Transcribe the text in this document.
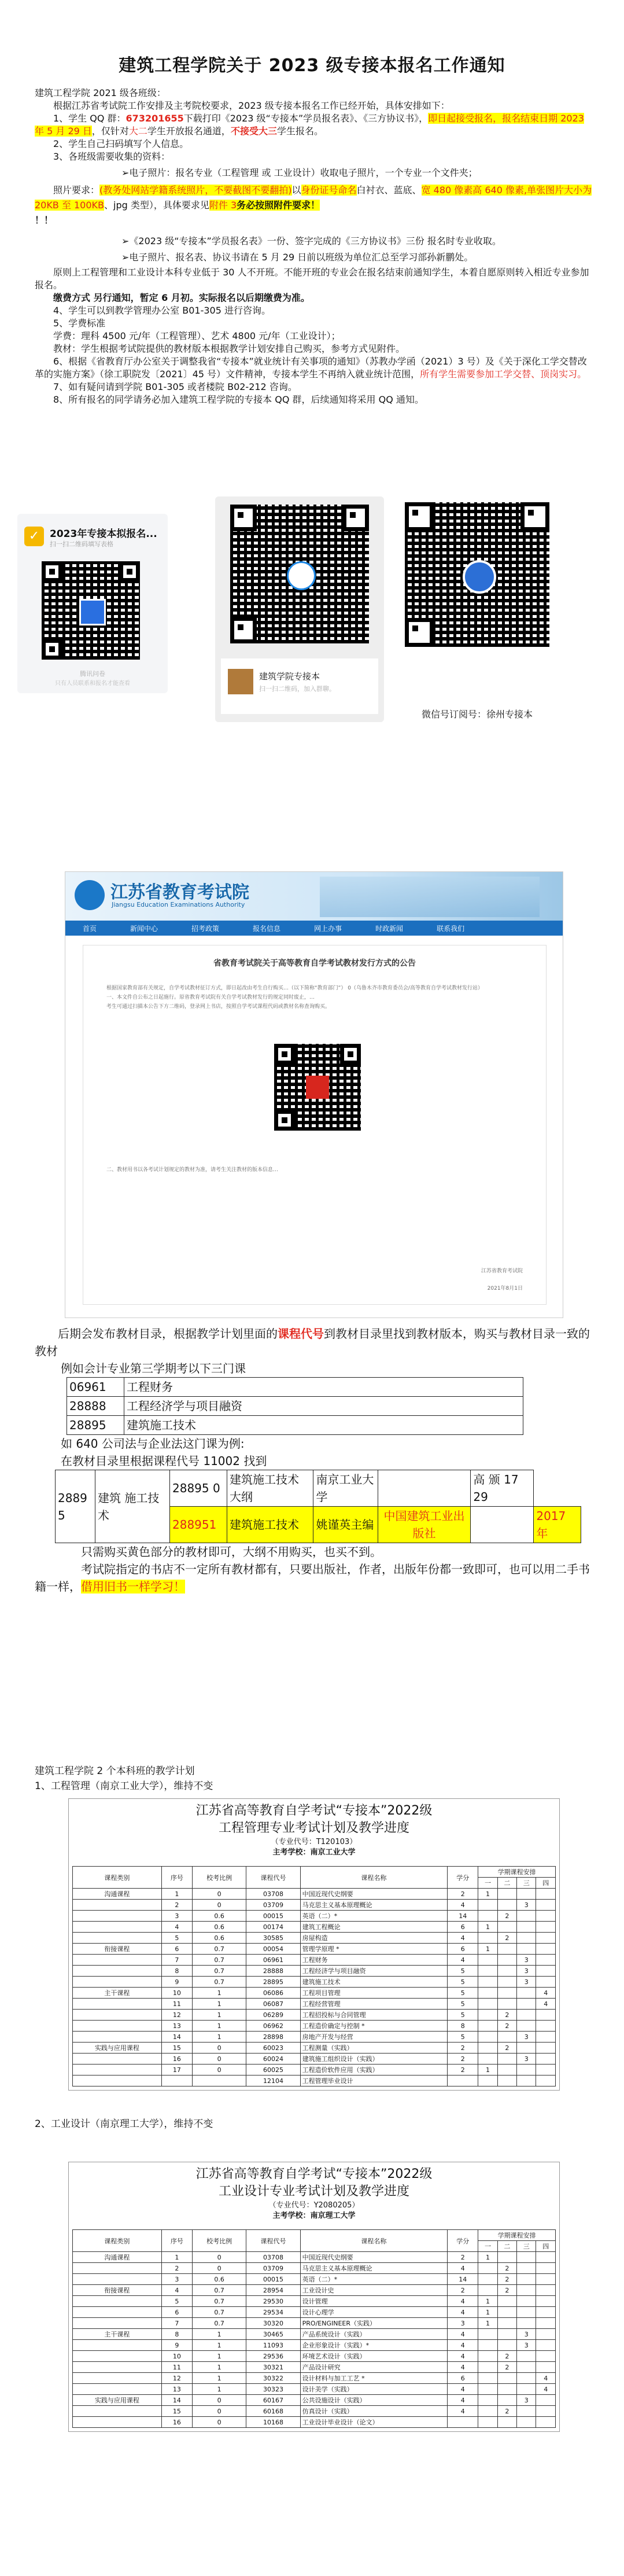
建筑工程学院关于 2023 级专接本报名工作通知
建筑工程学院 2021 级各班级：
根据江苏省考试院工作安排及主考院校要求，2023 级专接本报名工作已经开始，具体安排如下：
1、学生 QQ 群：673201655下载打印《2023 级“专接本”学员报名表》、《三方协议书》，即日起接受报名，报名结束日期 2023 年 5 月 29 日，仅针对大二学生开放报名通道，不接受大三学生报名。
2、学生自己扫码填写个人信息。
3、各班级需要收集的资料：
➢电子照片：报名专业（工程管理 或 工业设计）收取电子照片，一个专业一个文件夹；
照片要求：(教务处网站学籍系统照片，不要截图不要翻拍)以身份证号命名白衬衣、蓝底、宽 480 像素高 640 像素,单张图片大小为 20KB 至 100KB、jpg 类型），具体要求见附件 3务必按照附件要求！
！！
➢《2023 级“专接本”学员报名表》一份、签字完成的《三方协议书》三份 报名时专业收取。
➢电子照片、报名表、协议书请在 5 月 29 日前以班级为单位汇总至学习部孙新鹏处。
原则上工程管理和工业设计本科专业低于 30 人不开班。不能开班的专业会在报名结束前通知学生，本着自愿原则转入相近专业参加报名。
缴费方式 另行通知，暂定 6 月初。实际报名以后期缴费为准。
4、学生可以到教学管理办公室 B01-305 进行咨询。
5、学费标准
学费：理科 4500 元/年（工程管理）、艺术 4800 元/年（工业设计）；
教材：学生根据考试院提供的教材版本根据教学计划安排自己购买，参考方式见附件。
6、根据《省教育厅办公室关于调整我省“专接本”就业统计有关事项的通知》（苏教办学函（2021）3 号）及《关于深化工学交替改革的实施方案》（徐工职院发〔2021〕45 号）文件精神，专接本学生不再纳入就业统计范围，所有学生需要参加工学交替、顶岗实习。
7、如有疑问请到学院 B01-305 或者楼院 B02-212 咨询。
8、所有报名的同学请务必加入建筑工程学院的专接本 QQ 群，后续通知将采用 QQ 通知。
✓	2023年专接本拟报名...
扫一扫二维码填写表格
腾讯问卷
只有人员联系和报名才能查看
建筑学院专接本
扫一扫二维码，加入群聊。
微信号订阅号：徐州专接本
江苏省教育考试院
Jiangsu Education Examinations Authority
首页	新闻中心	招考政策	报名信息	网上办事	时政新闻	联系我们
省教育考试院关于高等教育自学考试教材发行方式的公告
根据国家教育部有关规定，自学考试教材征订方式，即日起改由考生自行购买…（以下简称“教育部门”） 0（乌鲁木齐市教育委员会/高等教育自学考试教材发行站）
一、本文件自公布之日起施行。原省教育考试院有关自学考试教材发行的规定同时废止，…
考生可通过扫描本公告下方二维码，登录网上书店，按照自学考试课程代码或教材名称查询购买。
二、教材用书以各考试计划规定的教材为准，请考生关注教材的版本信息…
江苏省教育考试院
2021年8月1日
后期会发布教材目录，根据教学计划里面的课程代号到教材目录里找到教材版本，购买与教材目录一致的教材
例如会计专业第三学期考以下三门课
06961	工程财务
28888	工程经济学与项目融资
28895	建筑施工技术
如 640 公司法与企业法这门课为例:
在教材目录里根据课程代号 11002 找到
2889 5	建筑 施工技术	28895 0	建筑施工技术 大纲	南京工业大学		高 颁 17 29	
		288951	建筑施工技术	姚谨英主编	中国建筑工业出版社		2017 年
只需购买黄色部分的教材即可，大纲不用购买，也买不到。
考试院指定的书店不一定所有教材都有，只要出版社，作者，出版年份都一致即可，也可以用二手书籍一样，借用旧书一样学习！
建筑工程学院 2 个本科班的教学计划
1、工程管理（南京工业大学），维持不变
江苏省高等教育自学考试“专接本”2022级
工程管理专业考试计划及教学进度
（专业代号：T120103）
主考学校：南京工业大学
课程类别	序号	校考比例	课程代号	课程名称	学分	学期课程安排			
						一	二	三	四
沟通课程	1	0	03708	中国近现代史纲要	2	1			
	2	0	03709	马克思主义基本原理概论	4			3	
	3	0.6	00015	英语（二）*	14		2		
	4	0.6	00174	建筑工程概论	6	1			
	5	0.6	30585	房屋构造	4		2		
衔接课程	6	0.7	00054	管理学原理 *	6	1			
	7	0.7	06961	工程财务	4			3	
	8	0.7	28888	工程经济学与项目融资	5			3	
	9	0.7	28895	建筑施工技术	5			3	
主干课程	10	1	06086	工程项目管理	5				4
	11	1	06087	工程经营管理	5				4
	12	1	06289	工程招投标与合同管理	5		2		
	13	1	06962	工程造价确定与控制 *	8		2		
	14	1	28898	房地产开发与经营	5			3	
实践与应用课程	15	0	60023	工程测量（实践）	2		2		
	16	0	60024	建筑施工组织设计（实践）	2			3	
	17	0	60025	工程造价软件应用（实践）	2	1			
			12104	工程管理毕业设计					
2、工业设计（南京理工大学），维持不变
江苏省高等教育自学考试“专接本”2022级
工业设计专业考试计划及教学进度
（专业代号：Y2080205）
主考学校：南京理工大学
课程类别	序号	校考比例	课程代号	课程名称	学分	学期课程安排			
						一	二	三	四
沟通课程	1	0	03708	中国近现代史纲要	2	1			
	2	0	03709	马克思主义基本原理概论	4		2		
	3	0.6	00015	英语（二）*	14		2		
衔接课程	4	0.7	28954	工业设计史	2		2		
	5	0.7	29530	设计管理	4	1			
	6	0.7	29534	设计心理学	4	1			
	7	0.7	30320	PRO/ENGINEER（实践）	3	1			
主干课程	8	1	30465	产品系统设计（实践）	4			3	
	9	1	11093	企业形象设计（实践）*	4			3	
	10	1	29536	环境艺术设计（实践）	4		2		
	11	1	30321	产品设计研究	4		2		
	12	1	30322	设计材料与加工工艺 *	6				4
	13	1	30323	设计美学（实践）	4				4
实践与应用课程	14	0	60167	公共设施设计（实践）	4			3	
	15	0	60168	仿真设计（实践）	4		2		
	16	0	10168	工业设计毕业设计（论文）					
